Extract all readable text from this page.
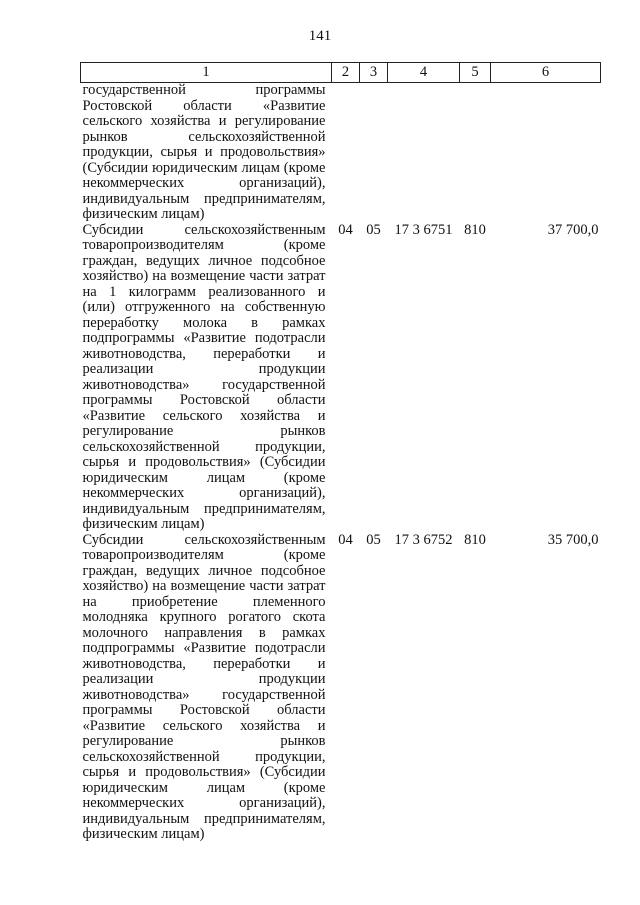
141
1	2	3	4	5	6
государственной программы Ростовской области «Развитие сельского хозяйства и регулирование рынков сельскохозяйственной продукции, сырья и продовольствия» (Субсидии юридическим лицам (кроме некоммерческих организаций), индивидуальным предпринимателям, физическим лицам)					
Субсидии сельскохозяйственным товаропроизводителям (кроме граждан, ведущих личное подсобное хозяйство) на возмещение части затрат на 1 килограмм реализованного и (или) отгруженного на собственную переработку молока в рамках подпрограммы «Развитие подотрасли животноводства, переработки и реализации продукции животноводства» государственной программы Ростовской области «Развитие сельского хозяйства и регулирование рынков сельскохозяйственной продукции, сырья и продовольствия» (Субсидии юридическим лицам (кроме некоммерческих организаций), индивидуальным предпринимателям, физическим лицам)	04	05	17 3 6751	810	37 700,0
Субсидии сельскохозяйственным товаропроизводителям (кроме граждан, ведущих личное подсобное хозяйство) на возмещение части затрат на приобретение племенного молодняка крупного рогатого скота молочного направления в рамках подпрограммы «Развитие подотрасли животноводства, переработки и реализации продукции животноводства» государственной программы Ростовской области «Развитие сельского хозяйства и регулирование рынков сельскохозяйственной продукции, сырья и продовольствия» (Субсидии юридическим лицам (кроме некоммерческих организаций), индивидуальным предпринимателям, физическим лицам)	04	05	17 3 6752	810	35 700,0
